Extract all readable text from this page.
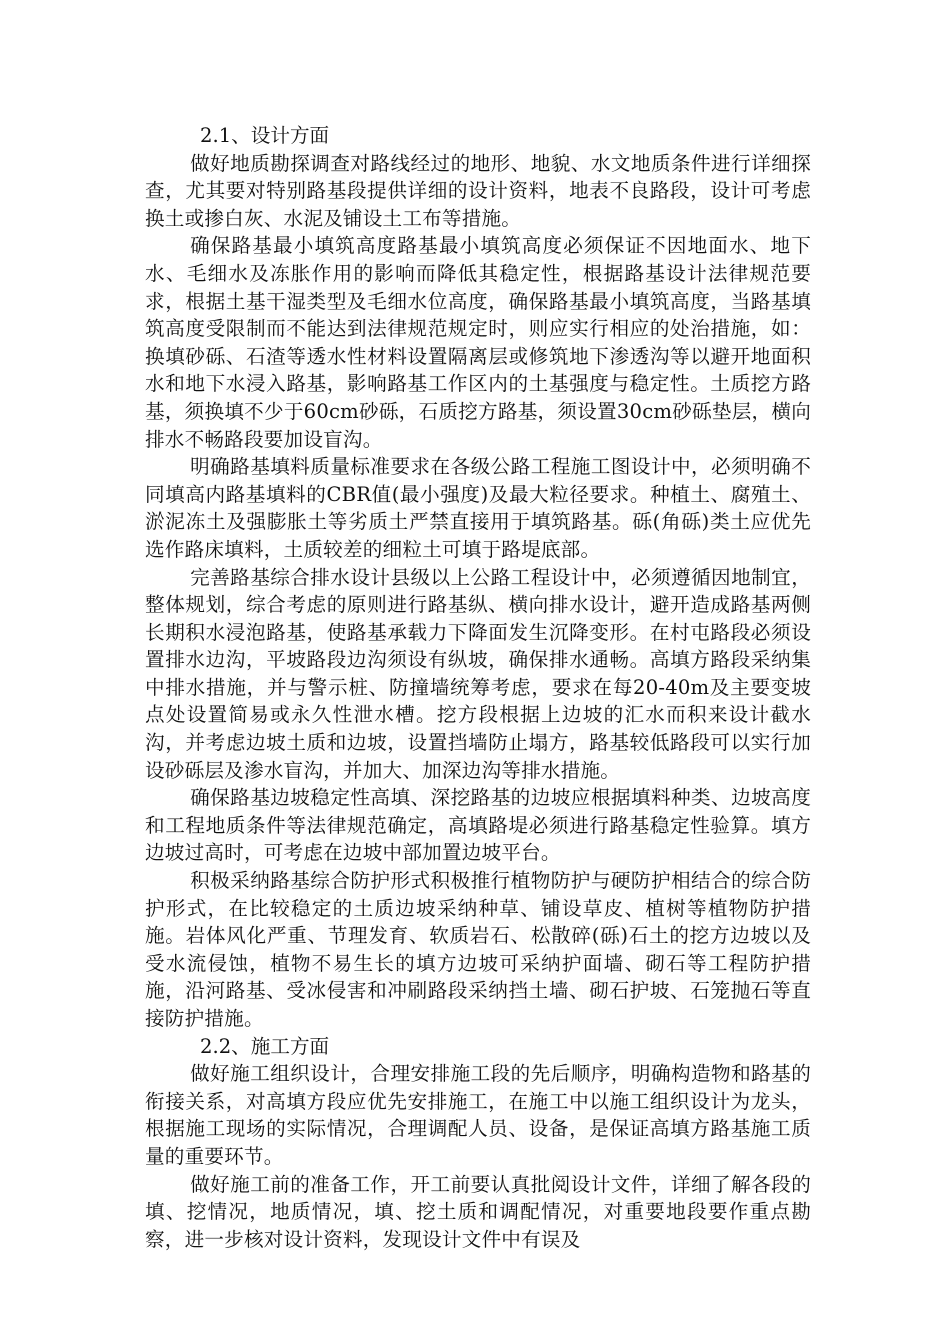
2.1、设计方面

做好地质勘探调查对路线经过的地形、地貌、水文地质条件进行详细探查，尤其要对特别路基段提供详细的设计资料，地表不良路段，设计可考虑换土或掺白灰、水泥及铺设土工布等措施。

确保路基最小填筑高度路基最小填筑高度必须保证不因地面水、地下水、毛细水及冻胀作用的影响而降低其稳定性，根据路基设计法律规范要求，根据土基干湿类型及毛细水位高度，确保路基最小填筑高度，当路基填筑高度受限制而不能达到法律规范规定时，则应实行相应的处治措施，如：换填砂砾、石渣等透水性材料设置隔离层或修筑地下渗透沟等以避开地面积水和地下水浸入路基，影响路基工作区内的土基强度与稳定性。土质挖方路基，须换填不少于60cm砂砾，石质挖方路基，须设置30cm砂砾垫层，横向排水不畅路段要加设盲沟。

明确路基填料质量标准要求在各级公路工程施工图设计中，必须明确不同填高内路基填料的CBR值(最小强度)及最大粒径要求。种植土、腐殖土、淤泥冻土及强膨胀土等劣质土严禁直接用于填筑路基。砾(角砾)类土应优先选作路床填料，土质较差的细粒土可填于路堤底部。

完善路基综合排水设计县级以上公路工程设计中，必须遵循因地制宜，整体规划，综合考虑的原则进行路基纵、横向排水设计，避开造成路基两侧长期积水浸泡路基，使路基承载力下降面发生沉降变形。在村屯路段必须设置排水边沟，平坡路段边沟须设有纵坡，确保排水通畅。高填方路段采纳集中排水措施，并与警示桩、防撞墙统筹考虑，要求在每20-40m及主要变坡点处设置简易或永久性泄水槽。挖方段根据上边坡的汇水而积来设计截水沟，并考虑边坡土质和边坡，设置挡墙防止塌方，路基较低路段可以实行加设砂砾层及渗水盲沟，并加大、加深边沟等排水措施。

确保路基边坡稳定性高填、深挖路基的边坡应根据填料种类、边坡高度和工程地质条件等法律规范确定，高填路堤必须进行路基稳定性验算。填方边坡过高时，可考虑在边坡中部加置边坡平台。

积极采纳路基综合防护形式积极推行植物防护与硬防护相结合的综合防护形式，在比较稳定的土质边坡采纳种草、铺设草皮、植树等植物防护措施。岩体风化严重、节理发育、软质岩石、松散碎(砾)石土的挖方边坡以及受水流侵蚀，植物不易生长的填方边坡可采纳护面墙、砌石等工程防护措施，沿河路基、受冰侵害和冲刷路段采纳挡土墙、砌石护坡、石笼抛石等直接防护措施。

2.2、施工方面

做好施工组织设计，合理安排施工段的先后顺序，明确构造物和路基的衔接关系，对高填方段应优先安排施工，在施工中以施工组织设计为龙头，根据施工现场的实际情况，合理调配人员、设备，是保证高填方路基施工质量的重要环节。

做好施工前的准备工作，开工前要认真批阅设计文件，详细了解各段的填、挖情况，地质情况，填、挖土质和调配情况，对重要地段要作重点勘察，进一步核对设计资料，发现设计文件中有误及
